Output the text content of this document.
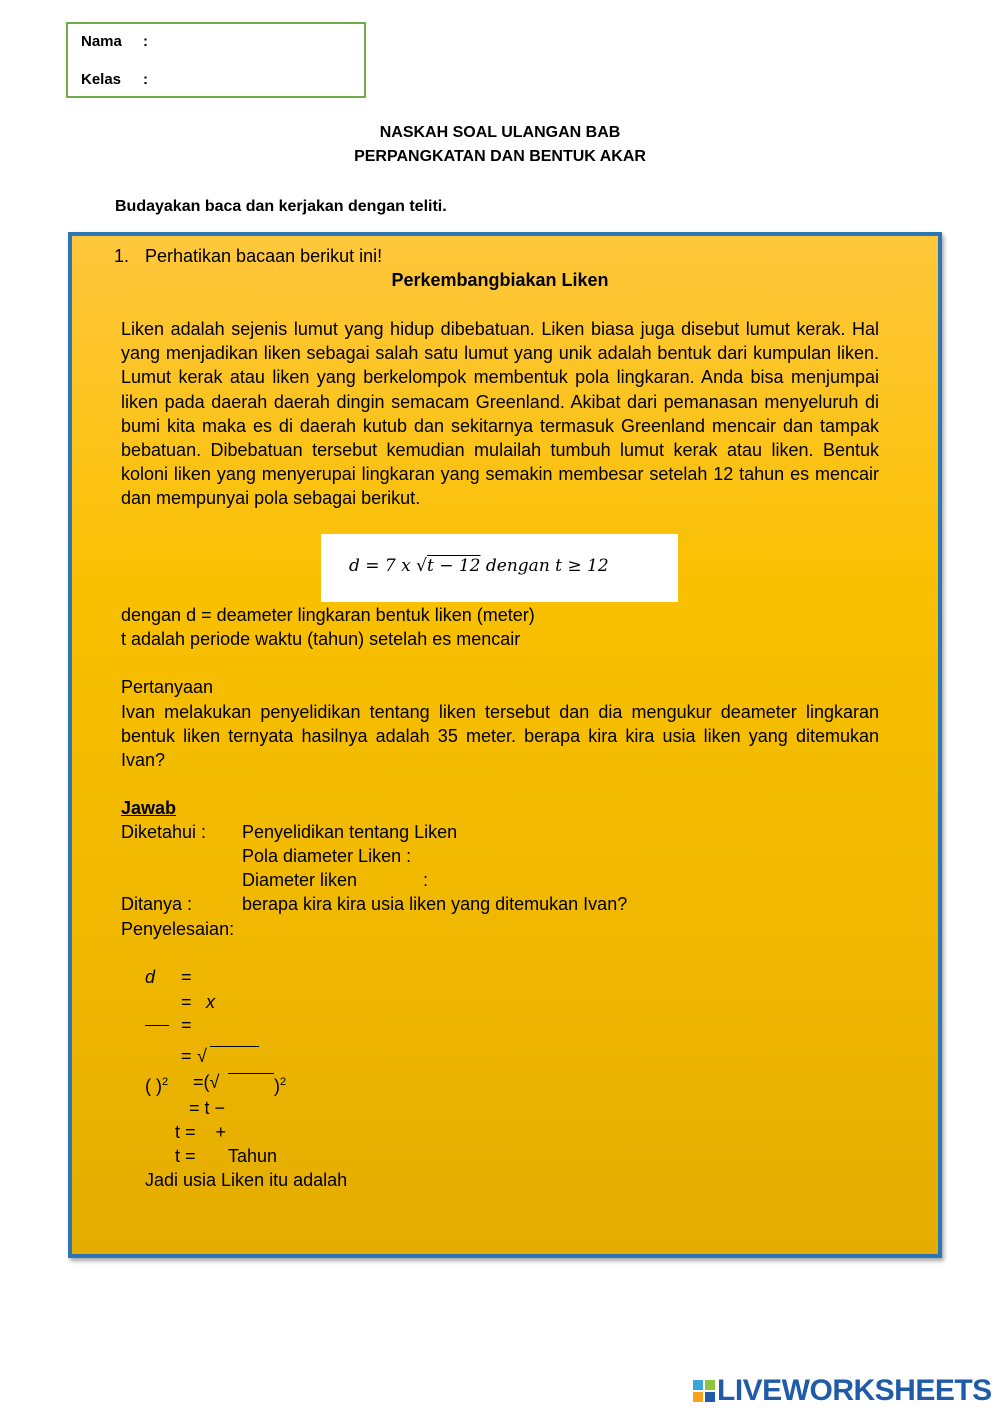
Nama :
Kelas :
NASKAH SOAL ULANGAN BAB
PERPANGKATAN DAN BENTUK AKAR
Budayakan baca dan kerjakan dengan teliti.
1. Perhatikan bacaan berikut ini!
Perkembangbiakan Liken
Liken adalah sejenis lumut yang hidup dibebatuan. Liken biasa juga disebut lumut kerak. Hal yang menjadikan liken sebagai salah satu lumut yang unik adalah bentuk dari kumpulan liken. Lumut kerak atau liken yang berkelompok membentuk pola lingkaran. Anda bisa menjumpai liken pada daerah daerah dingin semacam Greenland. Akibat dari pemanasan menyeluruh di bumi kita maka es di daerah kutub dan sekitarnya termasuk Greenland mencair dan tampak bebatuan. Dibebatuan tersebut kemudian mulailah tumbuh lumut kerak atau liken. Bentuk koloni liken yang menyerupai lingkaran yang semakin membesar setelah 12 tahun es mencair dan mempunyai pola sebagai berikut.
d = 7 x √t − 12 dengan t ≥ 12
dengan d = deameter lingkaran bentuk liken (meter)
t adalah periode waktu (tahun) setelah es mencair
Pertanyaan
Ivan melakukan penyelidikan tentang liken tersebut dan dia mengukur deameter lingkaran bentuk liken ternyata hasilnya adalah 35 meter. berapa kira kira usia liken yang ditemukan Ivan?
Jawab
Diketahui : Penyelidikan tentang Liken
Pola diameter Liken :
Diameter liken	:
Ditanya :	berapa kira kira usia liken yang ditemukan Ivan?
Penyelesaian:
d =
= x
=
= √
( )$^2$ =(√	)$^2$
= t −
t =    +
t = Tahun
Jadi usia Liken itu adalah
LIVEWORKSHEETS
